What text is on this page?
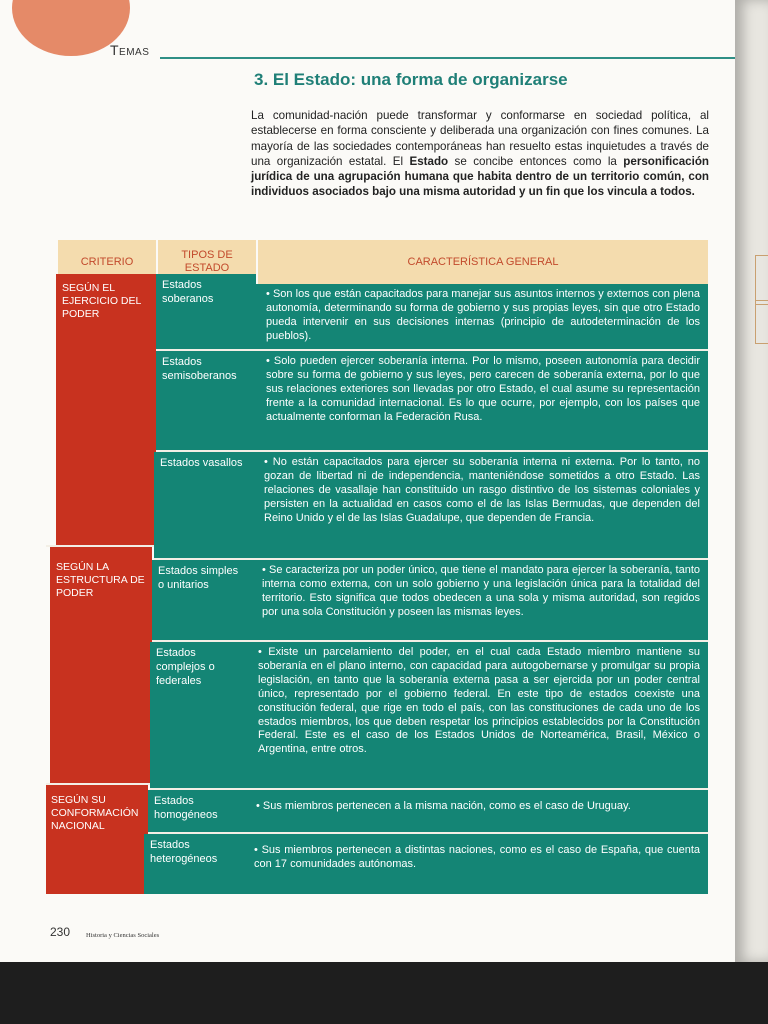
Temas
3. El Estado: una forma de organizarse

La comunidad-nación puede transformar y conformarse en sociedad política, al establecerse en forma consciente y deliberada una organización con fines comunes. La mayoría de las sociedades contemporáneas han resuelto estas inquietudes a través de una organización estatal. El Estado se concibe entonces como la personificación jurídica de una agrupación humana que habita dentro de un territorio común, con individuos asociados bajo una misma autoridad y un fin que los vincula a todos.

CRITERIO
TIPOS DE ESTADO
CARACTERÍSTICA GENERAL
SEGÚN EL EJERCICIO DEL PODER
SEGÚN LA ESTRUCTURA DE PODER
SEGÚN SU CONFORMACIÓN NACIONAL
Estados soberanos	• Son los que están capacitados para manejar sus asuntos internos y externos con plena autonomía, determinando su forma de gobierno y sus propias leyes, sin que otro Estado pueda intervenir en sus decisiones internas (principio de autodeterminación de los pueblos).
Estados semisoberanos
• Solo pueden ejercer soberanía interna. Por lo mismo, poseen autonomía para decidir sobre su forma de gobierno y sus leyes, pero carecen de soberanía externa, por lo que sus relaciones exteriores son llevadas por otro Estado, el cual asume su representación frente a la comunidad internacional. Es lo que ocurre, por ejemplo, con los países que actualmente conforman la Federación Rusa.
Estados vasallos	• No están capacitados para ejercer su soberanía interna ni externa. Por lo tanto, no gozan de libertad ni de independencia, manteniéndose sometidos a otro Estado. Las relaciones de vasallaje han constituido un rasgo distintivo de los sistemas coloniales y persisten en la actualidad en casos como el de las Islas Bermudas, que dependen del Reino Unido y el de las Islas Guadalupe, que dependen de Francia.
Estados simples o unitarios
• Se caracteriza por un poder único, que tiene el mandato para ejercer la soberanía, tanto interna como externa, con un solo gobierno y una legislación única para la totalidad del territorio. Esto significa que todos obedecen a una sola y misma autoridad, son regidos por una sola Constitución y poseen las mismas leyes.
Estados complejos o federales
• Existe un parcelamiento del poder, en el cual cada Estado miembro mantiene su soberanía en el plano interno, con capacidad para autogobernarse y promulgar su propia legislación, en tanto que la soberanía externa pasa a ser ejercida por un poder central único, representado por el gobierno federal. En este tipo de estados coexiste una constitución federal, que rige en todo el país, con las constituciones de cada uno de los estados miembros, los que deben respetar los principios establecidos por la Constitución Federal. Este es el caso de los Estados Unidos de Norteamérica, Brasil, México o Argentina, entre otros.
Estados homogéneos
• Sus miembros pertenecen a la misma nación, como es el caso de Uruguay.
Estados heterogéneos
• Sus miembros pertenecen a distintas naciones, como es el caso de España, que cuenta con 17 comunidades autónomas.
230 Historia y Ciencias Sociales
